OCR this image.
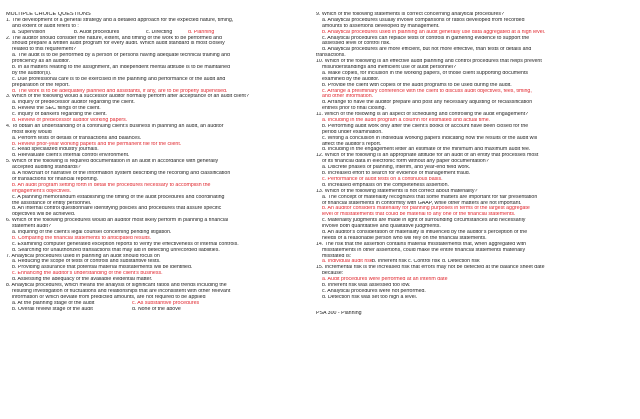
MULTIPLE CHOICE QUESTIONS
1. The development of a general strategy and a detailed approach for the expected nature, timing,
and extent of audit refers to :
a. Supervision	b. Audit procedures	c. Directing	d. Planning
2. The auditor should consider the nature, extent, and timing of the work to be performed and
should prepare a written audit program for every audit. Which audit standard is most closely
related to this requirement?
a. The audit is to be performed by a person or persons having adequate technical training and
proficiency as an auditor.
b. In all matters relating to the assignment, an independent mental attitude is to be maintained
by the auditor(s).
c. Due professional care is to be exercised in the planning and performance of the audit and
preparation of the report.
d. The work is to be adequately planned and assistants, if any, are to be properly supervised.
3. Which of the following would a successor auditor normally perform after acceptance of an audit client?
a. Inquiry of predecessor auditor regarding the client.
b. Review the SEC filings of the client.
c. Inquiry of bankers regarding the client.
d. Review of predecessor auditor working papers.
4. To obtain an understanding of a continuing client's business in planning an audit, an auditor
most likely would
a. Perform tests of details of transactions and balances.
b. Review prior-year working papers and the permanent file for the client.
c. Read specialized industry journals.
d. Reevaluate client's internal control environment.
5. Which of the following is required documentation in an audit in accordance with generally
accepted auditing standards?
a. A flowchart or narrative of the information system describing the recording and classification
of transactions for financial reporting.
b. An audit program setting forth in detail the procedures necessary to accomplish the
engagement's objectives.
c. A planning memorandum establishing the timing of the audit procedures and coordinating
the assistance of entity personnel.
d. An internal control questionnaire identifying policies and procedures that assure specific
objectives will be achieved.
6. Which of the following procedures would an auditor most likely perform in planning a financial
statement audit?
a. Inquiring of the client's legal counsel concerning pending litigation.
b. Comparing the financial statements to anticipated results.
c. Examining computer generated exception reports to verify the effectiveness of internal controls.
d. Searching for unauthorized transactions that may aid in detecting unrecorded liabilities.
7. Analytical procedures used in planning an audit should focus on
a. Reducing the scope of tests of controls and substantive tests.
b. Providing assurance that potential material misstatements will be identified.
c. Enhancing the auditor's understanding of the client's business.
d. Assessing the adequacy of the available evidential matter.
8. Analytical procedures, which means the analysis of significant ratios and trends including the
resulting investigation of fluctuations and relationships that are inconsistent with other relevant
information or which deviate from predicted amounts, are not required to be applied
a. At the planning stage of the audit	c. As substantive procedures
b. Overall review stage of the audit	d. None of the above
9. Which of the following statements is correct concerning analytical procedures?
a. Analytical procedures usually involve comparisons of ratios developed from recorded
amounts to assertions developed by management.
b. Analytical procedures used in planning an audit generally use data aggregated at a high level.
c. Analytical procedures can replace tests of controls in gathering evidence to support the
assessed level of control risk.
d. Analytical procedures are more efficient, but not more effective, than tests of details and
transactions.
10. Which of the following is an effective audit planning and control procedures that helps prevent
misunderstandings and inefficient use of audit personnel?
a. Make copies, for inclusion in the working papers, of those client supporting documents
examined by the auditor.
b. Provide the client with copies of the audit programs to be used during the audit.
c. Arrange a preliminary conference with the client to discuss audit objectives, fees, timing,
and other information.
d. Arrange to have the auditor prepare and post any necessary adjusting or reclassification
entries prior to final closing.
11. Which of the following is an aspect of scheduling and controlling the audit engagement?
a. Including in the audit program a column for estimated and actual time.
b. Performing audit work only after the client's books of account have been closed for the
period under examination.
c. Writing a conclusion in individual working papers indicating how the results of the audit will
affect the auditor's report.
d. Including in the engagement letter an estimate of the minimum and maximum audit fee.
12. Which of the following is an appropriate attitude for an audit of an entity that processes most
of its financial data in electronic form without any paper documentation?
a. Discrete phases of planning, interim, and year-end field work.
b. Increased effort to search for evidence of management fraud.
c. Performance of audit tests on a continuous basis.
d. Increased emphasis on the completeness assertion.
13. Which of the following statements is not correct about materiality?
a. The concept of materiality recognizes that some matters are important for fair presentation
of financial statements in conformity with GAAP, while other matters are not important.
b. An auditor considers materiality for planning purposes in terms of the largest aggregate
level of misstatements that could be material to any one of the financial statements.
c. Materiality judgments are made in light of surrounding circumstances and necessarily
involve both quantitative and qualitative judgments.
d. An auditor's consideration of materiality is influenced by the auditor's perception of the
needs of a reasonable person who will rely on the financial statements.
14. The risk that the assertion contains material misstatements that, when aggregated with
misstatements in other assertions, could make the entire financial statements materially
misstated is:
a. Individual audit risk b. Inherent risk c. Control risk d. Detection risk
15. Incremental risk is the increased risk that errors may not be detected at the balance sheet date
because:
a. Audit procedures were performed at an interim date
b. Inherent risk was assessed too low.
c. Analytical procedures were not performed.
d. Detection risk was set too high a level.
PSA 300 - Planning
